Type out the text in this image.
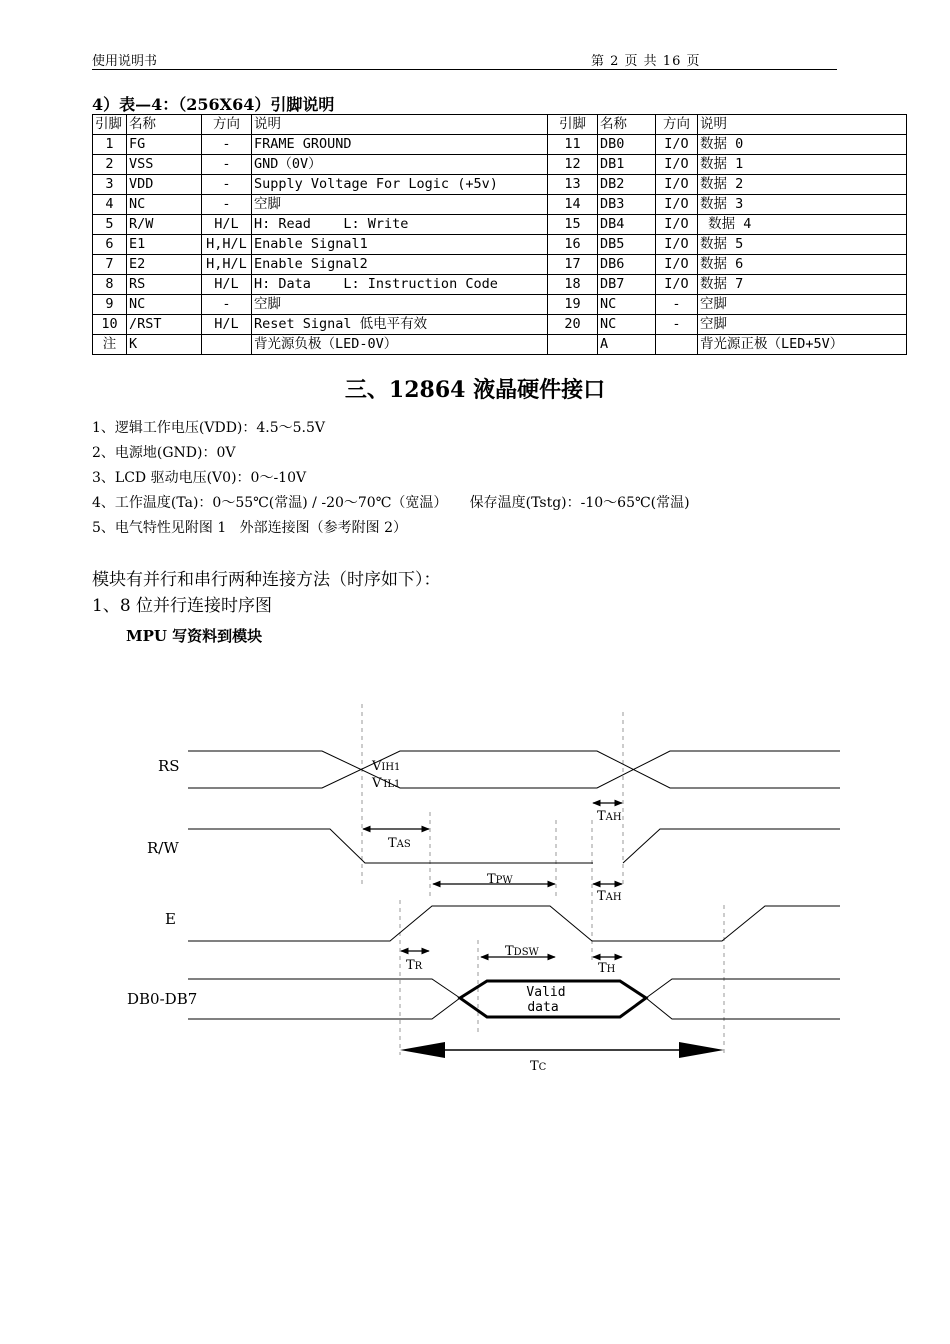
使用说明书	第 2 页 共 16 页
4）表—4：（256X64）引脚说明
引脚	名称	方向	说明	引脚	名称	方向	说明
1	FG	-	FRAME GROUND	11	DB0	I/O	数据 0
2	VSS	-	GND（0V）	12	DB1	I/O	数据 1
3	VDD	-	Supply Voltage For Logic (+5v)	13	DB2	I/O	数据 2
4	NC	-	空脚	14	DB3	I/O	数据 3
5	R/W	H/L	H: Read    L: Write	15	DB4	I/O	数据 4
6	E1	H,H/L	Enable Signal1	16	DB5	I/O	数据 5
7	E2	H,H/L	Enable Signal2	17	DB6	I/O	数据 6
8	RS	H/L	H: Data    L: Instruction Code	18	DB7	I/O	数据 7
9	NC	-	空脚	19	NC	-	空脚
10	/RST	H/L	Reset Signal 低电平有效	20	NC	-	空脚
注	K		背光源负极（LED-0V）		A		背光源正极（LED+5V）
三、12864 液晶硬件接口
1、逻辑工作电压(VDD)：4.5～5.5V
2、电源地(GND)：0V
3、LCD 驱动电压(V0)：0～-10V
4、工作温度(Ta)：0～55℃(常温) / -20～70℃（宽温）     保存温度(Tstg)：-10～65℃(常温)
5、电气特性见附图 1   外部连接图（参考附图 2）
模块有并行和串行两种连接方法（时序如下）：
1、8 位并行连接时序图
MPU 写资料到模块
RS
R/W
E
DB0-DB7
VIH1
V IL1
TAH
TAS
TPW
TAH
TDSW
TR	TH
TC
Valid
data
